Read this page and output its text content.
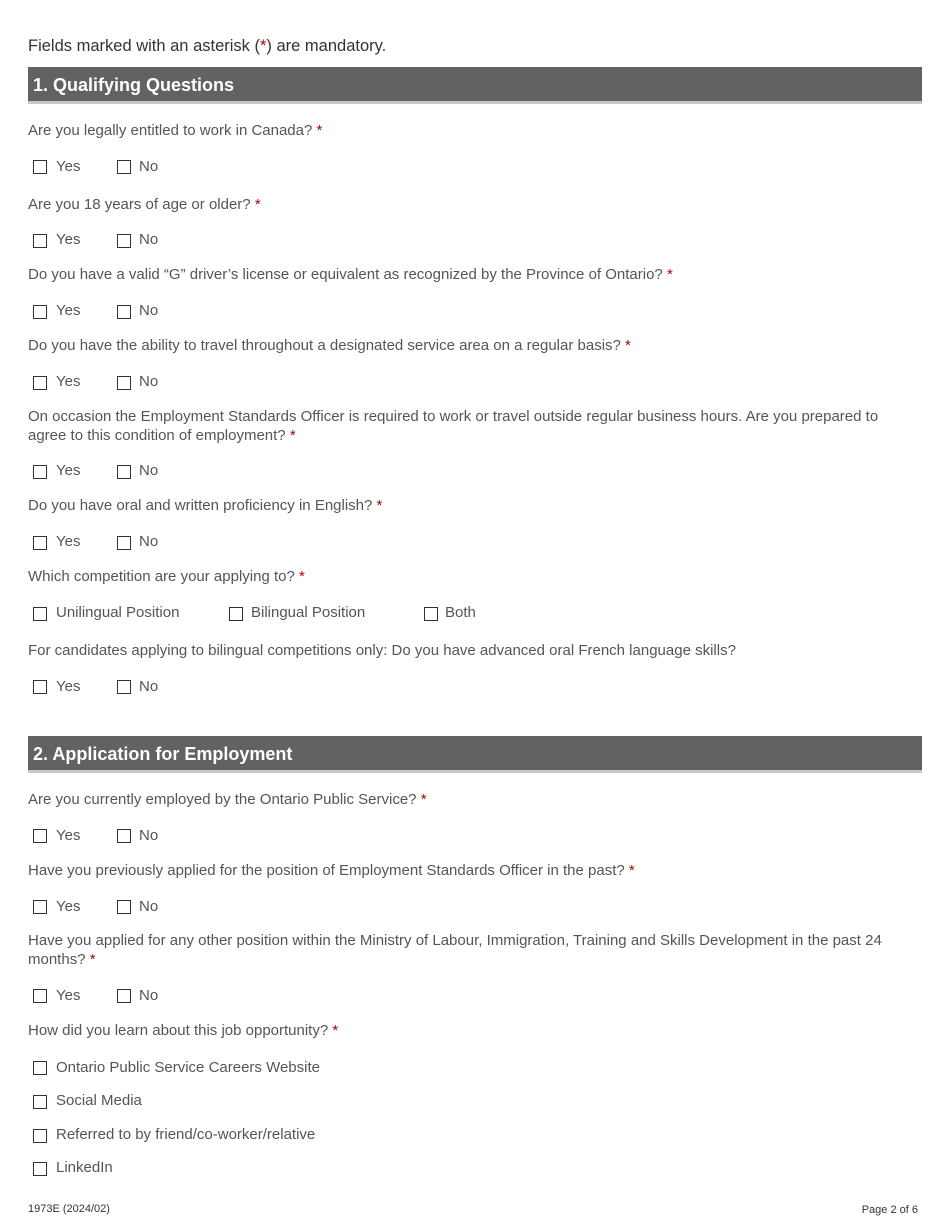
Fields marked with an asterisk (*) are mandatory.
1. Qualifying Questions
Are you legally entitled to work in Canada? *
Yes	No
Are you 18 years of age or older? *
Yes	No
Do you have a valid “G” driver’s license or equivalent as recognized by the Province of Ontario? *
Yes	No
Do you have the ability to travel throughout a designated service area on a regular basis? *
Yes	No
On occasion the Employment Standards Officer is required to work or travel outside regular business hours. Are you prepared to agree to this condition of employment? *
Yes	No
Do you have oral and written proficiency in English? *
Yes	No
Which competition are your applying to? *
Unilingual Position	Bilingual Position	Both
For candidates applying to bilingual competitions only: Do you have advanced oral French language skills?
Yes	No
2. Application for Employment
Are you currently employed by the Ontario Public Service? *
Yes	No
Have you previously applied for the position of Employment Standards Officer in the past? *
Yes	No
Have you applied for any other position within the Ministry of Labour, Immigration, Training and Skills Development in the past 24 months? *
Yes	No
How did you learn about this job opportunity? *
Ontario Public Service Careers Website
Social Media
Referred to by friend/co-worker/relative
LinkedIn
1973E (2024/02)	Page 2 of 6
